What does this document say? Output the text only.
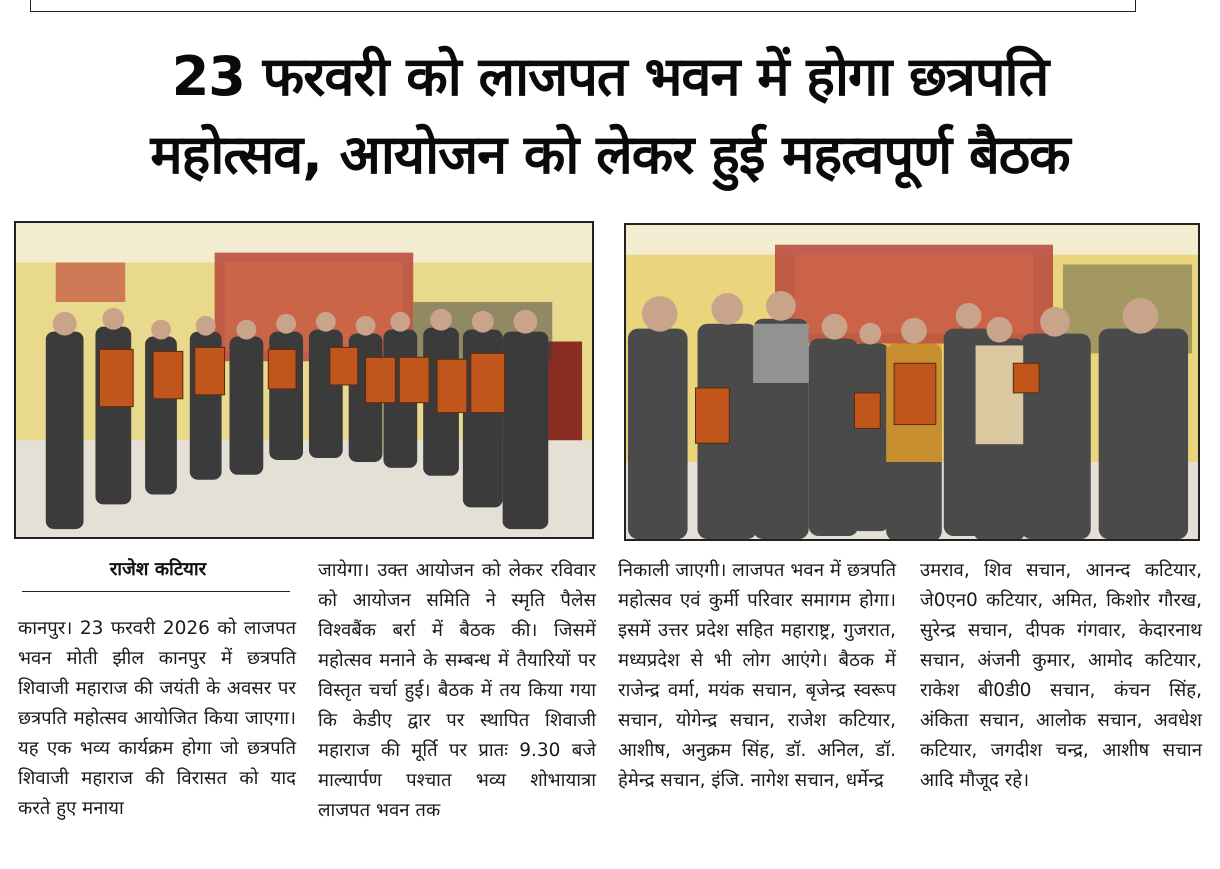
23 फरवरी को लाजपत भवन में होगा छत्रपति
महोत्सव, आयोजन को लेकर हुई महत्वपूर्ण बैठक
राजेश कटियार

कानपुर। 23 फरवरी 2026 को लाजपत भवन मोती झील कानपुर में छत्रपति शिवाजी महाराज की जयंती के अवसर पर छत्रपति महोत्सव आयोजित किया जाएगा। यह एक भव्य कार्यक्रम होगा जो छत्रपति शिवाजी महाराज की विरासत को याद करते हुए मनाया

जायेगा। उक्त आयोजन को लेकर रविवार को आयोजन समिति ने स्मृति पैलेस विश्वबैंक बर्रा में बैठक की। जिसमें महोत्सव मनाने के सम्बन्ध में तैयारियों पर विस्तृत चर्चा हुई। बैठक में तय किया गया कि केडीए द्वार पर स्थापित शिवाजी महाराज की मूर्ति पर प्रातः 9.30 बजे माल्यार्पण पश्चात भव्य शोभायात्रा लाजपत भवन तक

निकाली जाएगी। लाजपत भवन में छत्रपति महोत्सव एवं कुर्मी परिवार समागम होगा। इसमें उत्तर प्रदेश सहित महाराष्ट्र, गुजरात, मध्यप्रदेश से भी लोग आएंगे। बैठक में राजेन्द्र वर्मा, मयंक सचान, बृजेन्द्र स्वरूप सचान, योगेन्द्र सचान, राजेश कटियार, आशीष, अनुक्रम सिंह, डॉ. अनिल, डॉ. हेमेन्द्र सचान, इंजि. नागेश सचान, धर्मेन्द्र

उमराव, शिव सचान, आनन्द कटियार, जे0एन0 कटियार, अमित, किशोर गौरख, सुरेन्द्र सचान, दीपक गंगवार, केदारनाथ सचान, अंजनी कुमार, आमोद कटियार, राकेश बी0डी0 सचान, कंचन सिंह, अंकिता सचान, आलोक सचान, अवधेश कटियार, जगदीश चन्द्र, आशीष सचान आदि मौजूद रहे।
